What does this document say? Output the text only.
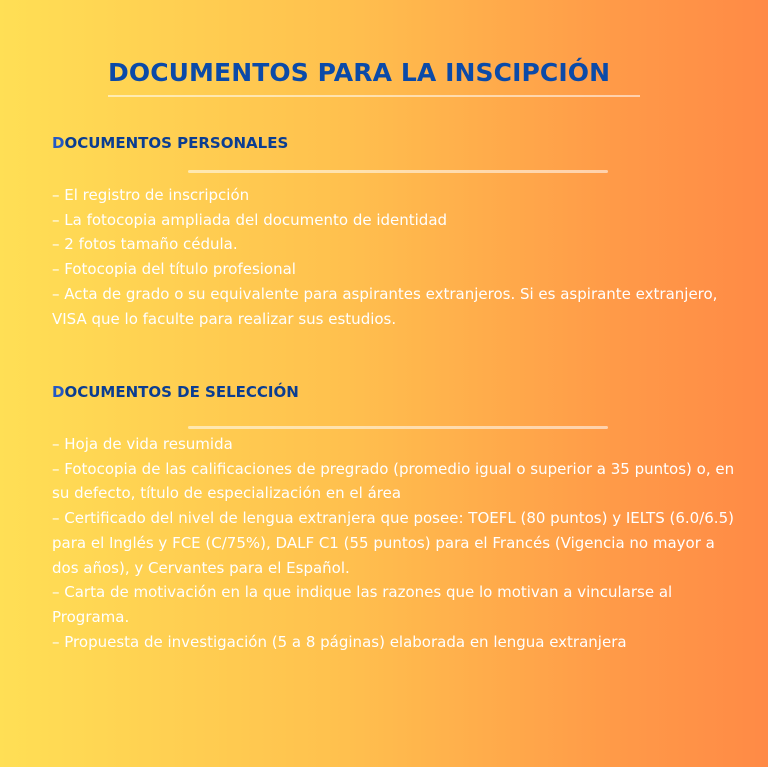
DOCUMENTOS PARA LA INSCIPCIÓN
DOCUMENTOS PERSONALES
– El registro de inscripción
– La fotocopia ampliada del documento de identidad
– 2 fotos tamaño cédula.
– Fotocopia del título profesional
– Acta de grado o su equivalente para aspirantes extranjeros. Si es aspirante extranjero, VISA que lo faculte para realizar sus estudios.
DOCUMENTOS DE SELECCIÓN
– Hoja de vida resumida
– Fotocopia de las calificaciones de pregrado (promedio igual o superior a 35 puntos) o, en su defecto, título de especialización en el área
– Certificado del nivel de lengua extranjera que posee: TOEFL (80 puntos) y IELTS (6.0/6.5) para el Inglés y FCE (C/75%), DALF C1 (55 puntos) para el Francés (Vigencia no mayor a dos años), y Cervantes para el Español.
– Carta de motivación en la que indique las razones que lo motivan a vincularse al Programa.
– Propuesta de investigación (5 a 8 páginas) elaborada en lengua extranjera
